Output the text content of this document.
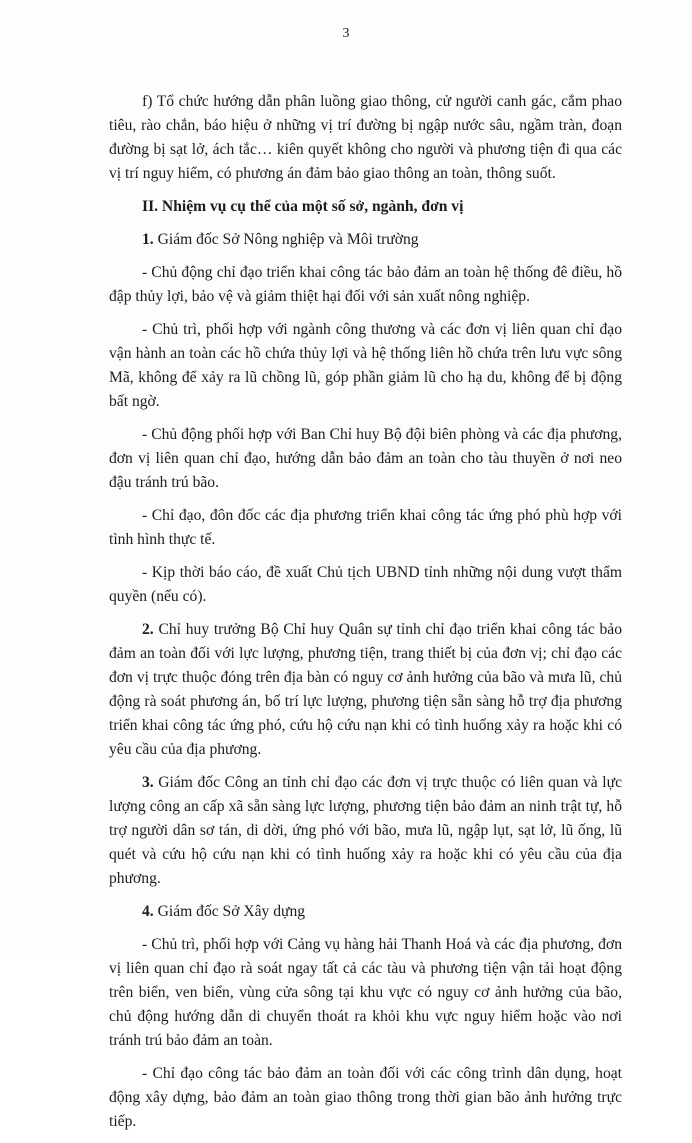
3

f) Tổ chức hướng dẫn phân luồng giao thông, cử người canh gác, cắm phao tiêu, rào chắn, báo hiệu ở những vị trí đường bị ngập nước sâu, ngầm tràn, đoạn đường bị sạt lở, ách tắc… kiên quyết không cho người và phương tiện đi qua các vị trí nguy hiểm, có phương án đảm bảo giao thông an toàn, thông suốt.

II. Nhiệm vụ cụ thể của một số sở, ngành, đơn vị

1. Giám đốc Sở Nông nghiệp và Môi trường

- Chủ động chỉ đạo triển khai công tác bảo đảm an toàn hệ thống đê điều, hồ đập thủy lợi, bảo vệ và giảm thiệt hại đối với sản xuất nông nghiệp.

- Chủ trì, phối hợp với ngành công thương và các đơn vị liên quan chỉ đạo vận hành an toàn các hồ chứa thủy lợi và hệ thống liên hồ chứa trên lưu vực sông Mã, không để xảy ra lũ chồng lũ, góp phần giảm lũ cho hạ du, không để bị động bất ngờ.

- Chủ động phối hợp với Ban Chỉ huy Bộ đội biên phòng và các địa phương, đơn vị liên quan chỉ đạo, hướng dẫn bảo đảm an toàn cho tàu thuyền ở nơi neo đậu tránh trú bão.

- Chỉ đạo, đôn đốc các địa phương triển khai công tác ứng phó phù hợp với tình hình thực tế.

- Kịp thời báo cáo, đề xuất Chủ tịch UBND tỉnh những nội dung vượt thẩm quyền (nếu có).

2. Chỉ huy trưởng Bộ Chỉ huy Quân sự tỉnh chỉ đạo triển khai công tác bảo đảm an toàn đối với lực lượng, phương tiện, trang thiết bị của đơn vị; chỉ đạo các đơn vị trực thuộc đóng trên địa bàn có nguy cơ ảnh hưởng của bão và mưa lũ, chủ động rà soát phương án, bố trí lực lượng, phương tiện sẵn sàng hỗ trợ địa phương triển khai công tác ứng phó, cứu hộ cứu nạn khi có tình huống xảy ra hoặc khi có yêu cầu của địa phương.

3. Giám đốc Công an tỉnh chỉ đạo các đơn vị trực thuộc có liên quan và lực lượng công an cấp xã sẵn sàng lực lượng, phương tiện bảo đảm an ninh trật tự, hỗ trợ người dân sơ tán, di dời, ứng phó với bão, mưa lũ, ngập lụt, sạt lở, lũ ống, lũ quét và cứu hộ cứu nạn khi có tình huống xảy ra hoặc khi có yêu cầu của địa phương.

4. Giám đốc Sở Xây dựng

- Chủ trì, phối hợp với Cảng vụ hàng hải Thanh Hoá và các địa phương, đơn vị liên quan chỉ đạo rà soát ngay tất cả các tàu và phương tiện vận tải hoạt động trên biển, ven biển, vùng cửa sông tại khu vực có nguy cơ ảnh hưởng của bão, chủ động hướng dẫn di chuyển thoát ra khỏi khu vực nguy hiểm hoặc vào nơi tránh trú bảo đảm an toàn.

- Chỉ đạo công tác bảo đảm an toàn đối với các công trình dân dụng, hoạt động xây dựng, bảo đảm an toàn giao thông trong thời gian bão ảnh hưởng trực tiếp.
